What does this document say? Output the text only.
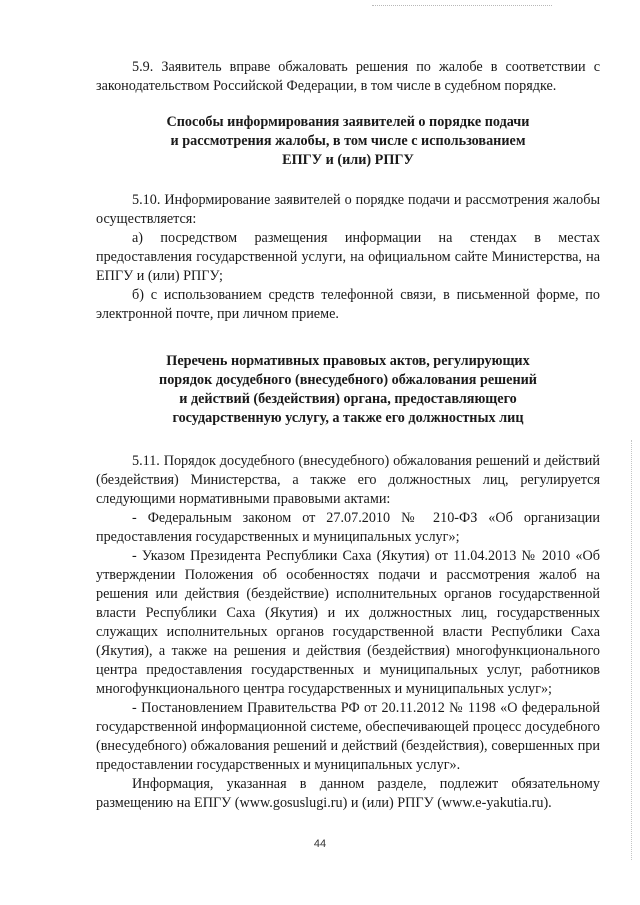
5.9. Заявитель вправе обжаловать решения по жалобе в соответствии с законодательством Российской Федерации, в том числе в судебном порядке.

Способы информирования заявителей о порядке подачи
и рассмотрения жалобы, в том числе с использованием
ЕПГУ и (или) РПГУ

5.10. Информирование заявителей о порядке подачи и рассмотрения жалобы осуществляется:

а) посредством размещения информации на стендах в местах предоставления государственной услуги, на официальном сайте Министерства, на ЕПГУ и (или) РПГУ;

б) с использованием средств телефонной связи, в письменной форме, по электронной почте, при личном приеме.

Перечень нормативных правовых актов, регулирующих
порядок досудебного (внесудебного) обжалования решений
и действий (бездействия) органа, предоставляющего
государственную услугу, а также его должностных лиц

5.11. Порядок досудебного (внесудебного) обжалования решений и действий (бездействия) Министерства, а также его должностных лиц, регулируется следующими нормативными правовыми актами:

- Федеральным законом от 27.07.2010 № 210-ФЗ «Об организации предоставления государственных и муниципальных услуг»;

- Указом Президента Республики Саха (Якутия) от 11.04.2013 № 2010 «Об утверждении Положения об особенностях подачи и рассмотрения жалоб на решения или действия (бездействие) исполнительных органов государственной власти Республики Саха (Якутия) и их должностных лиц, государственных служащих исполнительных органов государственной власти Республики Саха (Якутия), а также на решения и действия (бездействия) многофункционального центра предоставления государственных и муниципальных услуг, работников многофункционального центра государственных и муниципальных услуг»;

- Постановлением Правительства РФ от 20.11.2012 № 1198 «О федеральной государственной информационной системе, обеспечивающей процесс досудебного (внесудебного) обжалования решений и действий (бездействия), совершенных при предоставлении государственных и муниципальных услуг».

Информация, указанная в данном разделе, подлежит обязательному размещению на ЕПГУ (www.gosuslugi.ru) и (или) РПГУ (www.e-yakutia.ru).

44
